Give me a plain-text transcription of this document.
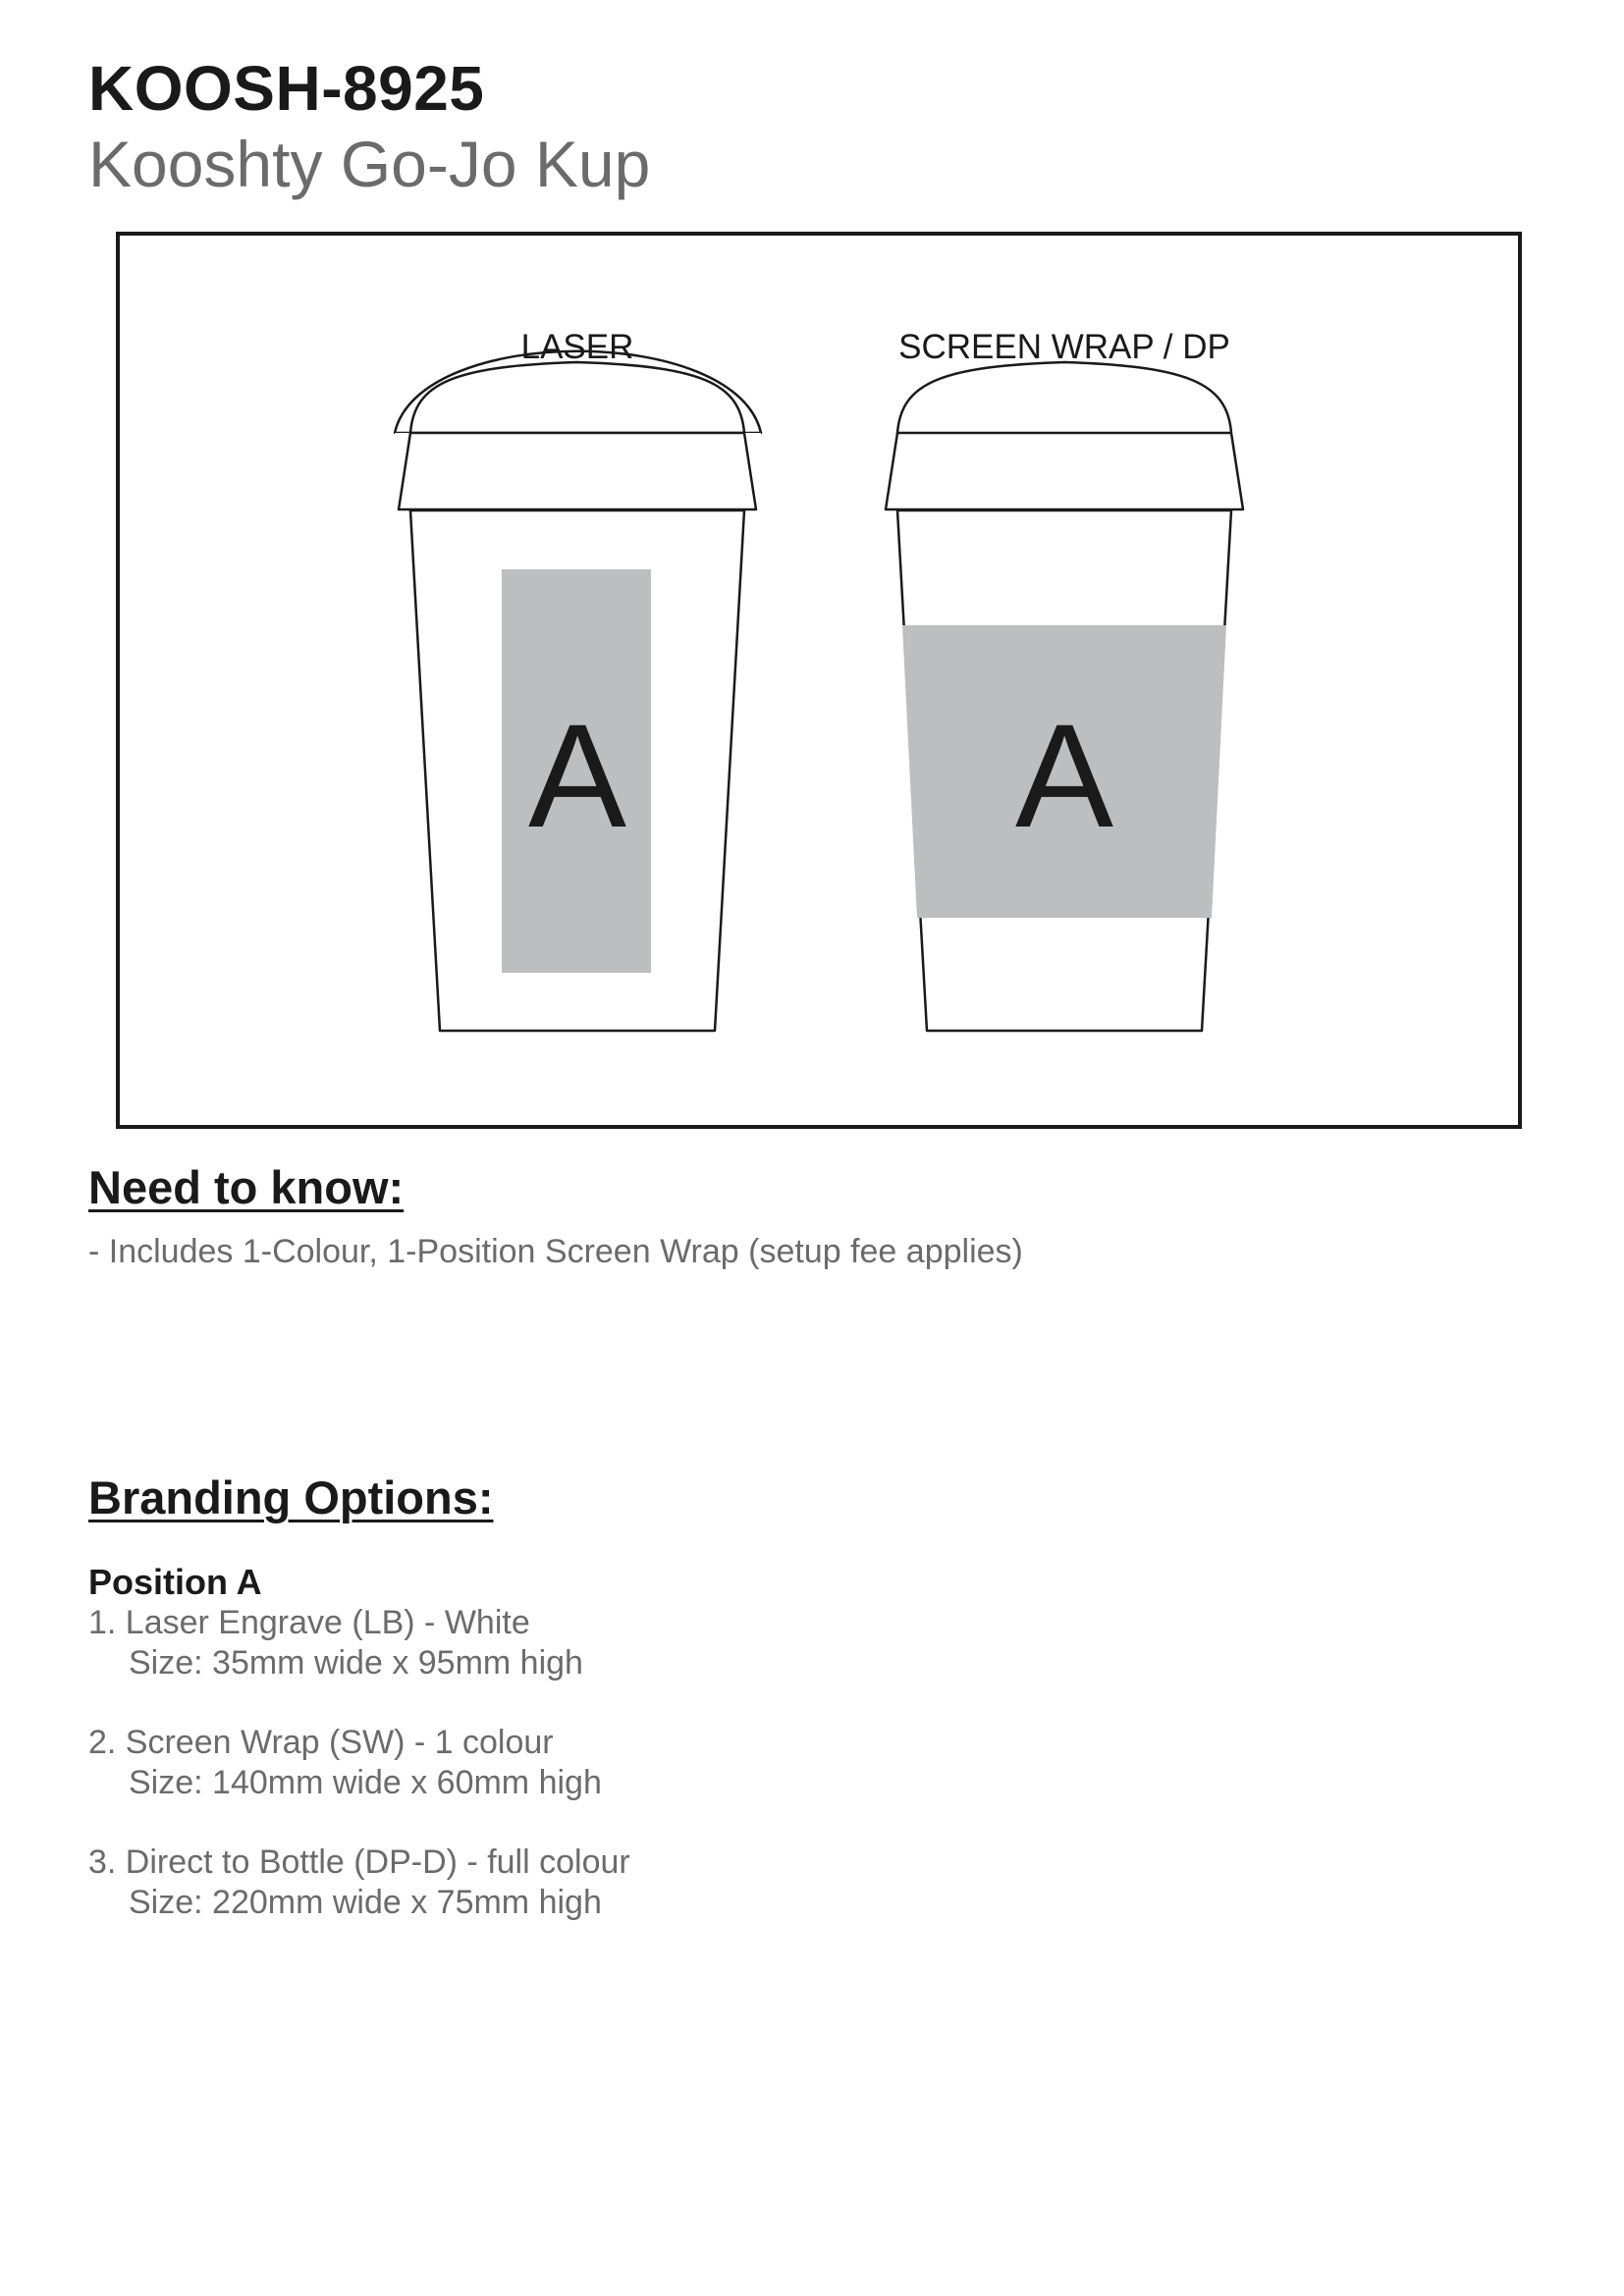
KOOSH-8925
Kooshty Go-Jo Kup
LASER	SCREEN WRAP / DP
A	A
Need to know:
- Includes 1-Colour, 1-Position Screen Wrap (setup fee applies)
Branding Options:
Position A
1. Laser Engrave (LB) - White
Size: 35mm wide x 95mm high
2. Screen Wrap (SW) - 1 colour
Size: 140mm wide x 60mm high
3. Direct to Bottle (DP-D) - full colour
Size: 220mm wide x 75mm high
